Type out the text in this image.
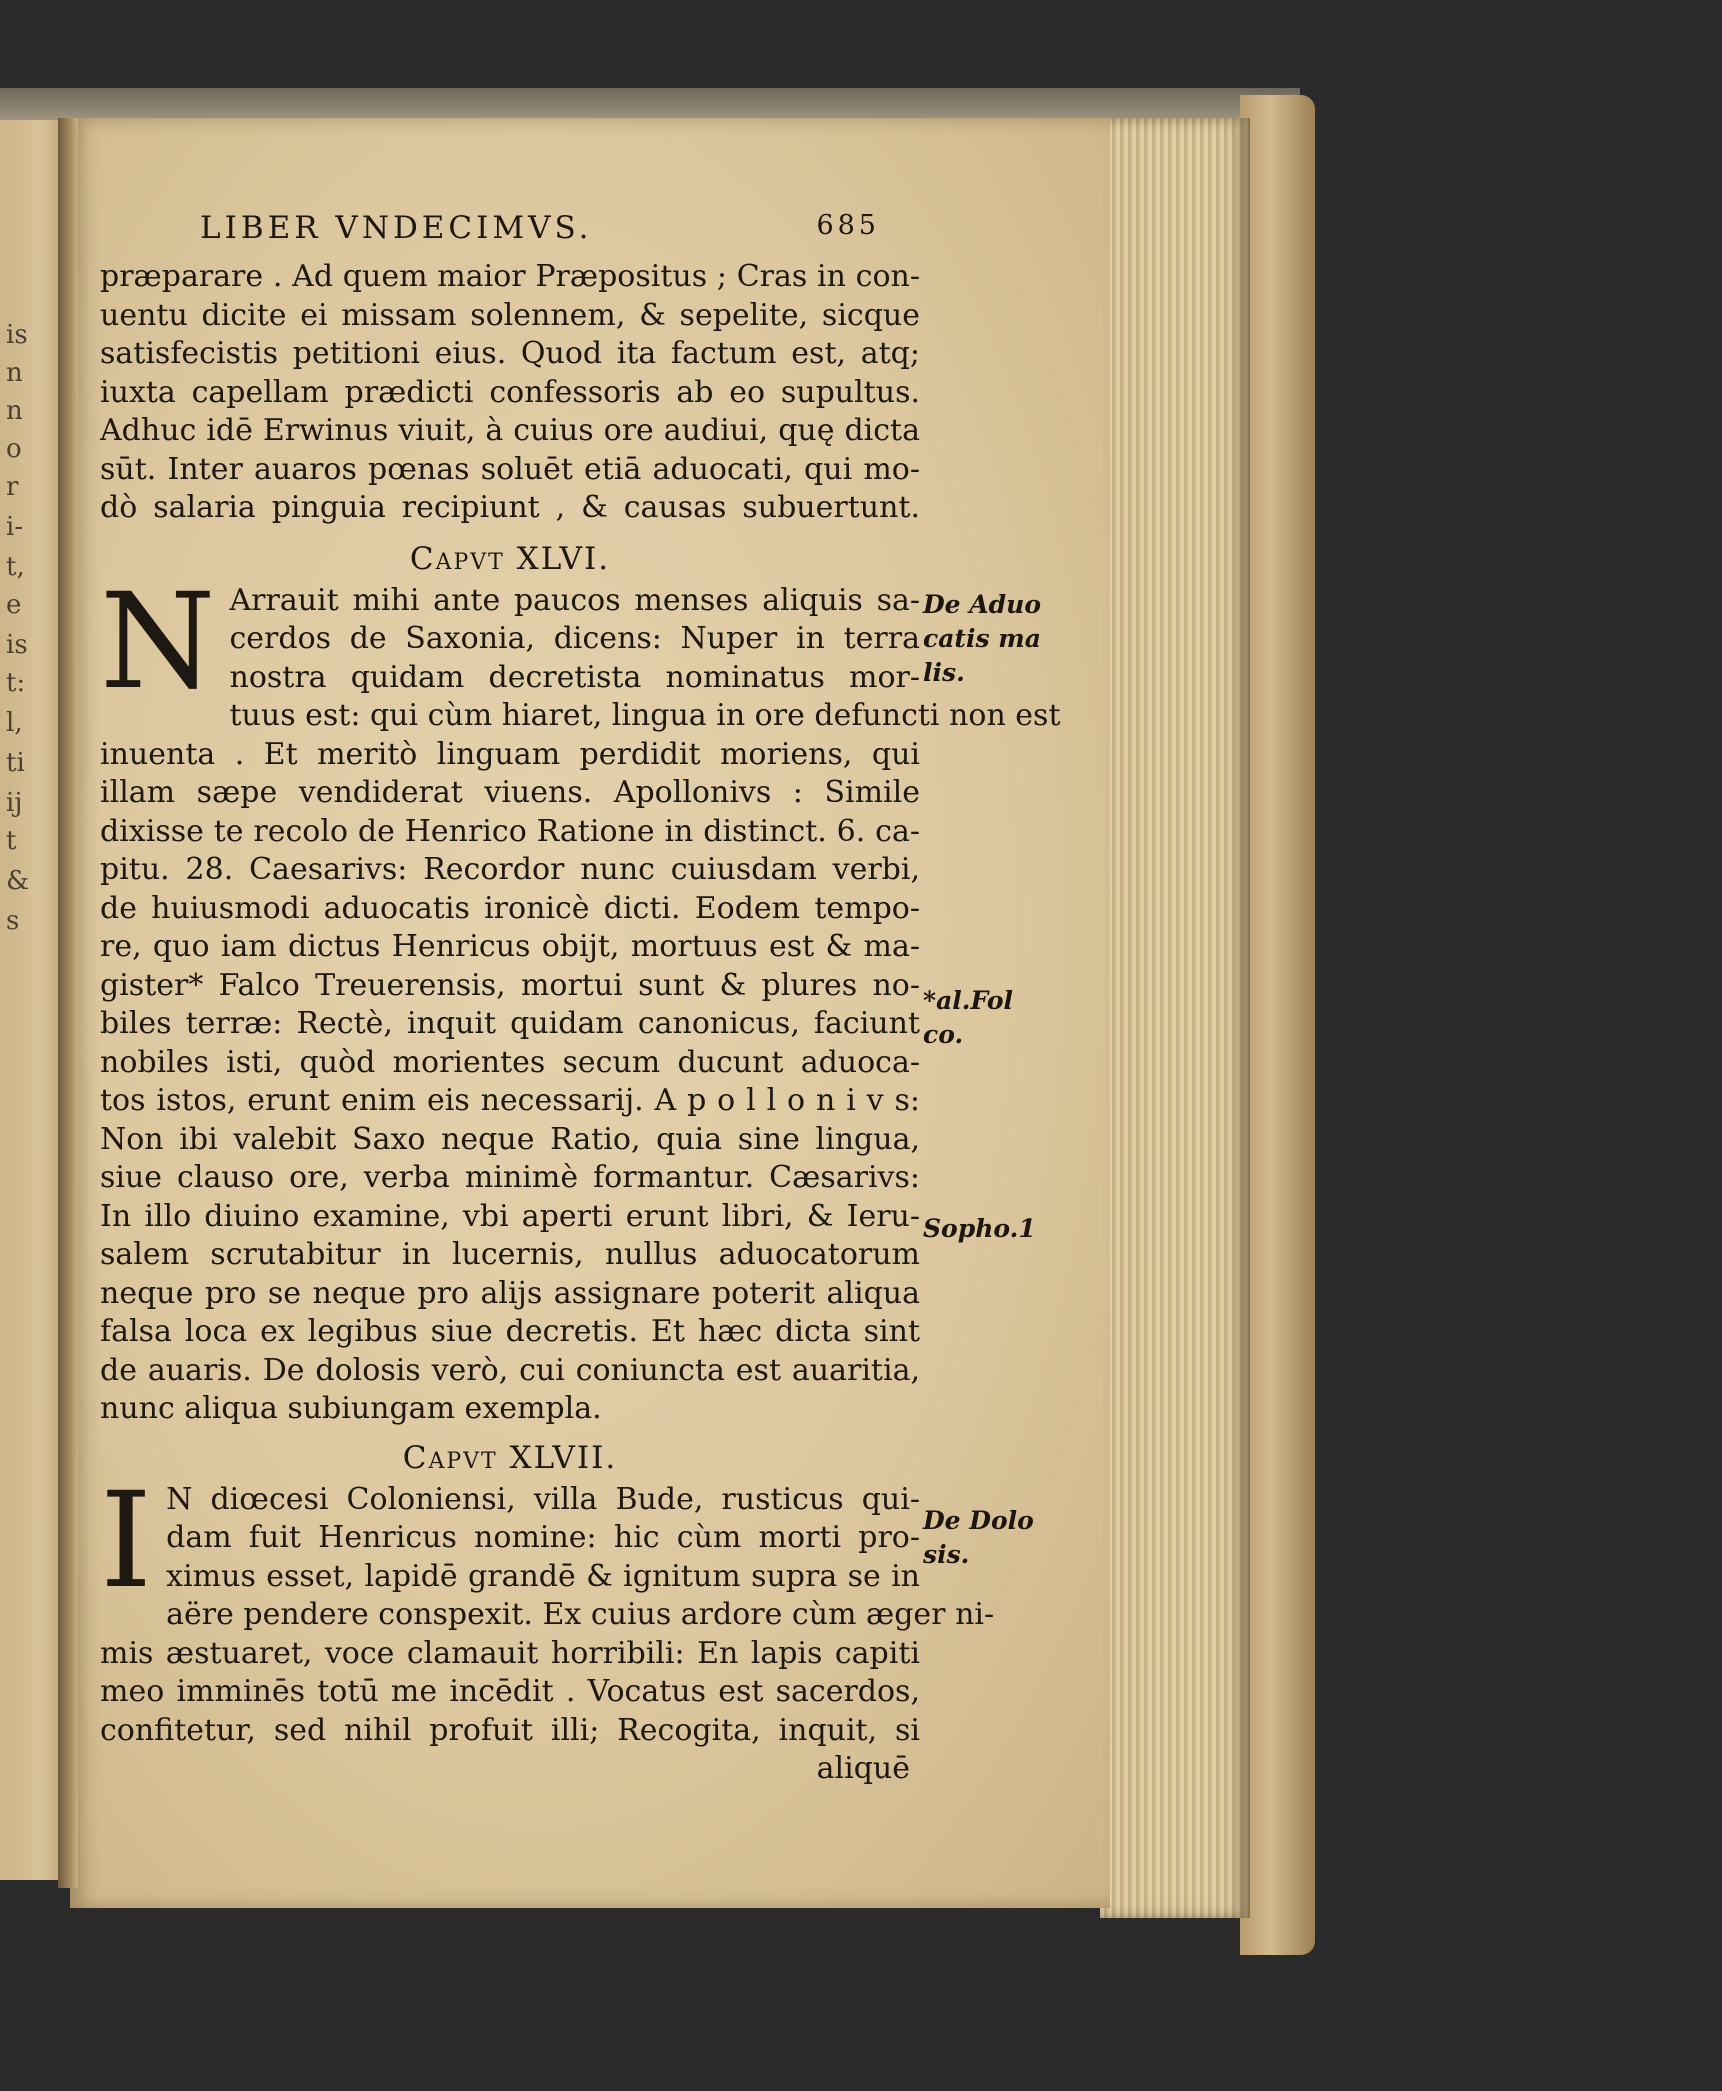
is
n
n
o
r
i-
t,
e
is
t:
l,
ti
ij
t
&
s
LIBER VNDECIMVS.	685
præparare . Ad quem maior Præpositus ; Cras in con-
uentu dicite ei missam solennem, & sepelite, sicque
satisfecistis petitioni eius. Quod ita factum est, atq;
iuxta capellam prædicti confessoris ab eo supultus.
Adhuc idē Erwinus viuit, à cuius ore audiui, quę dicta
sūt. Inter auaros pœnas soluēt etiā aduocati, qui mo-
dò salaria pinguia recipiunt , & causas subuertunt.
Capvt XLVI.
N Arrauit mihi ante paucos menses aliquis sa-
cerdos de Saxonia, dicens: Nuper in terra
nostra quidam decretista nominatus mor-
tuus est: qui cùm hiaret, lingua in ore defuncti non est
inuenta . Et meritò linguam perdidit moriens, qui
illam sæpe vendiderat viuens. Apollonivs : Simile
dixisse te recolo de Henrico Ratione in distinct. 6. ca-
pitu. 28. Caesarivs: Recordor nunc cuiusdam verbi,
de huiusmodi aduocatis ironicè dicti. Eodem tempo-
re, quo iam dictus Henricus obijt, mortuus est & ma-
gister* Falco Treuerensis, mortui sunt & plures no-
biles terræ: Rectè, inquit quidam canonicus, faciunt
nobiles isti, quòd morientes secum ducunt aduoca-
tos istos, erunt enim eis necessarij. A p o l l o n i v s:
Non ibi valebit Saxo neque Ratio, quia sine lingua,
siue clauso ore, verba minimè formantur. Cæsarivs:
In illo diuino examine, vbi aperti erunt libri, & Ieru-
salem scrutabitur in lucernis, nullus aduocatorum
neque pro se neque pro alijs assignare poterit aliqua
falsa loca ex legibus siue decretis. Et hæc dicta sint
de auaris. De dolosis verò, cui coniuncta est auaritia,
nunc aliqua subiungam exempla.
Capvt XLVII.
I N diœcesi Coloniensi, villa Bude, rusticus qui-
dam fuit Henricus nomine: hic cùm morti pro-
ximus esset, lapidē grandē & ignitum supra se in
aëre pendere conspexit. Ex cuius ardore cùm æger ni-
mis æstuaret, voce clamauit horribili: En lapis capiti
meo imminēs totū me incēdit . Vocatus est sacerdos,
confitetur, sed nihil profuit illi; Recogita, inquit, si
aliquē
De Aduo
catis ma
lis.
*al.Fol
co.
Sopho.1
De Dolo
sis.
